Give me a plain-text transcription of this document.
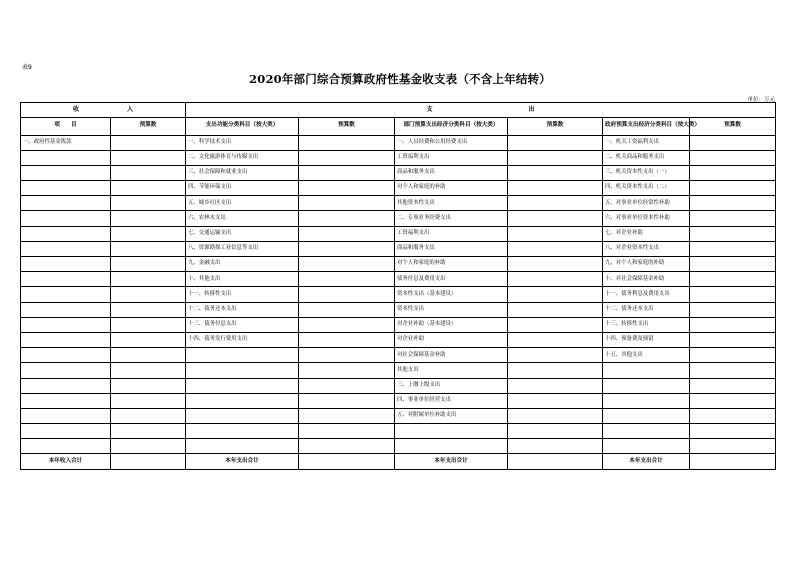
表9
2020年部门综合预算政府性基金收支表（不含上年结转）
单位：万元
收　　　　　　　　入		支　　　　　　　　　　　　　　　　出					
项　　目	预算数	支出功能分类科目（按大类）	预算数	部门预算支出经济分类科目（按大类）	预算数	政府预算支出经济分类科目（按大类）	预算数
一、政府性基金拨款		一、科学技术支出		一、人员经费和公用经费支出		一、机关工资福利支出	
		二、文化旅游体育与传媒支出		工资福利支出		二、机关商品和服务支出	
		三、社会保障和就业支出		商品和服务支出		三、机关资本性支出（一）	
		四、节能环保支出		对个人和家庭的补助		四、机关资本性支出（二）	
		五、城乡社区支出		其他资本性支出		五、对事业单位经常性补助	
		六、农林水支出		二、专项业务经费支出		六、对事业单位资本性补助	
		七、交通运输支出		工资福利支出		七、对企业补助	
		八、资源勘探工业信息等支出		商品和服务支出		八、对企业资本性支出	
		九、金融支出		对个人和家庭的补助		九、对个人和家庭的补助	
		十、其他支出		债务付息及费用支出		十、对社会保障基金补助	
		十一、转移性支出		资本性支出（基本建设）		十一、债务利息及费用支出	
		十二、债务还本支出		资本性支出		十二、债务还本支出	
		十三、债务付息支出		对企业补助（基本建设）		十三、转移性支出	
		十四、债务发行费用支出		对企业补助		十四、预备费及预留	
				对社会保障基金补助		十五、其他支出	
				其他支出			
				三、上缴上级支出			
				四、事业单位经营支出			
				五、对附属单位补助支出			

本年收入合计		本年支出合计		本年支出合计		本年支出合计	
